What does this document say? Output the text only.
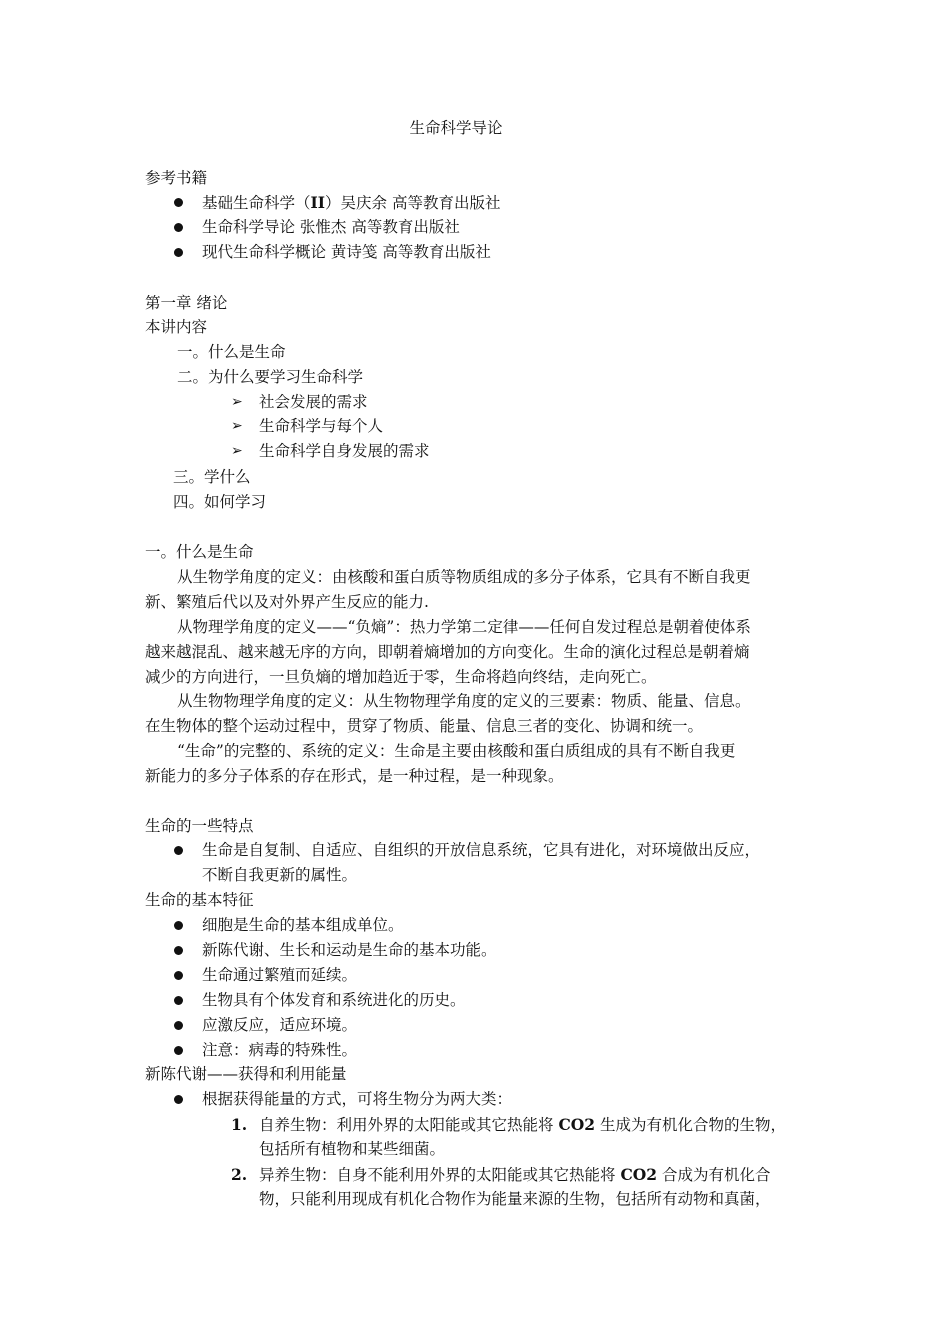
生命科学导论
参考书籍
基础生命科学（II）吴庆余 高等教育出版社
生命科学导论 张惟杰 高等教育出版社
现代生命科学概论 黄诗笺 高等教育出版社
第一章 绪论
本讲内容
一。什么是生命
二。为什么要学习生命科学
➢ 社会发展的需求
➢ 生命科学与每个人
➢ 生命科学自身发展的需求
三。学什么
四。如何学习
一。什么是生命
从生物学角度的定义：由核酸和蛋白质等物质组成的多分子体系，它具有不断自我更
新、繁殖后代以及对外界产生反应的能力.
从物理学角度的定义——“负熵”：热力学第二定律——任何自发过程总是朝着使体系
越来越混乱、越来越无序的方向，即朝着熵增加的方向变化。生命的演化过程总是朝着熵
减少的方向进行，一旦负熵的增加趋近于零，生命将趋向终结，走向死亡。
从生物物理学角度的定义：从生物物理学角度的定义的三要素：物质、能量、信息。
在生物体的整个运动过程中，贯穿了物质、能量、信息三者的变化、协调和统一。
“生命”的完整的、系统的定义：生命是主要由核酸和蛋白质组成的具有不断自我更
新能力的多分子体系的存在形式，是一种过程，是一种现象。
生命的一些特点
生命是自复制、自适应、自组织的开放信息系统，它具有进化，对环境做出反应，
不断自我更新的属性。
生命的基本特征
细胞是生命的基本组成单位。
新陈代谢、生长和运动是生命的基本功能。
生命通过繁殖而延续。
生物具有个体发育和系统进化的历史。
应激反应，适应环境。
注意：病毒的特殊性。
新陈代谢——获得和利用能量
根据获得能量的方式，可将生物分为两大类：
1. 自养生物：利用外界的太阳能或其它热能将 CO2 生成为有机化合物的生物，
包括所有植物和某些细菌。
2. 异养生物：自身不能利用外界的太阳能或其它热能将 CO2 合成为有机化合
物，只能利用现成有机化合物作为能量来源的生物，包括所有动物和真菌，
